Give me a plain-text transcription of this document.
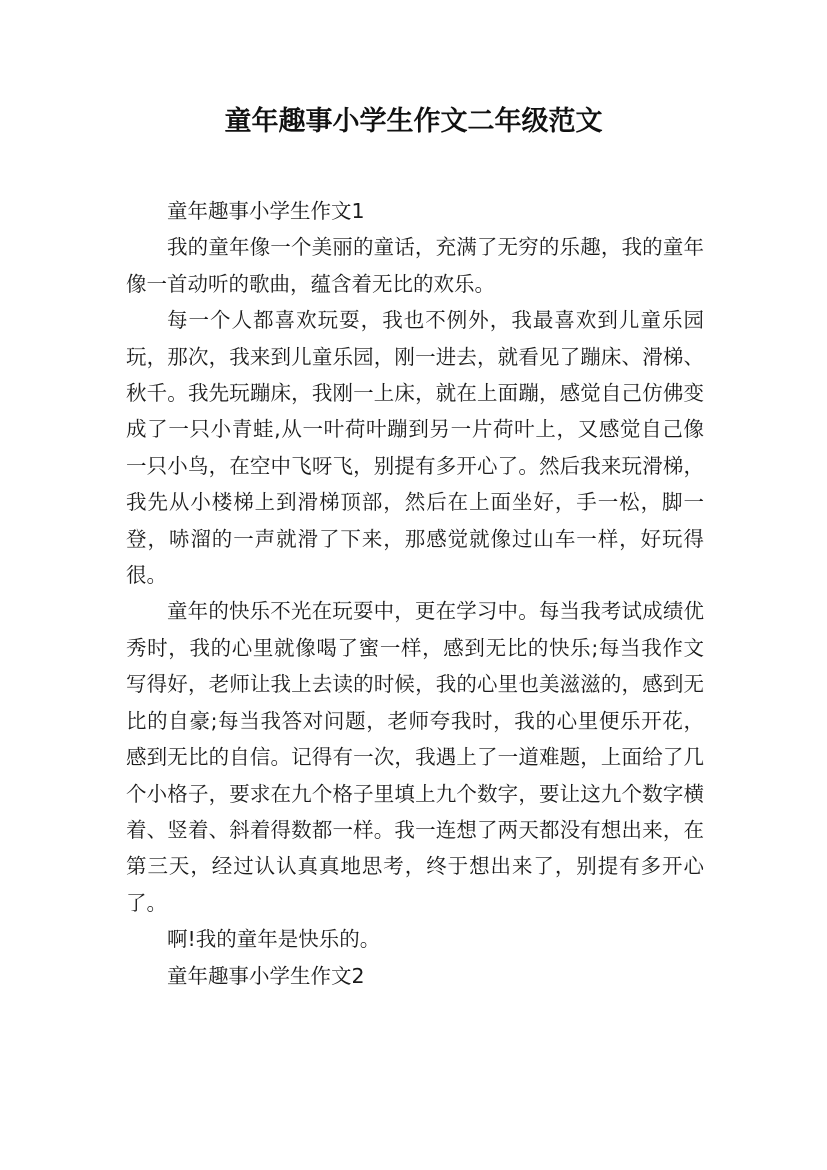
童年趣事小学生作文二年级范文

童年趣事小学生作文1

我的童年像一个美丽的童话，充满了无穷的乐趣，我的童年像一首动听的歌曲，蕴含着无比的欢乐。

每一个人都喜欢玩耍，我也不例外，我最喜欢到儿童乐园玩，那次，我来到儿童乐园，刚一进去，就看见了蹦床、滑梯、秋千。我先玩蹦床，我刚一上床，就在上面蹦，感觉自己仿佛变成了一只小青蛙,从一叶荷叶蹦到另一片荷叶上，又感觉自己像一只小鸟，在空中飞呀飞，别提有多开心了。然后我来玩滑梯，我先从小楼梯上到滑梯顶部，然后在上面坐好，手一松，脚一登，哧溜的一声就滑了下来，那感觉就像过山车一样，好玩得很。

童年的快乐不光在玩耍中，更在学习中。每当我考试成绩优秀时，我的心里就像喝了蜜一样，感到无比的快乐;每当我作文写得好，老师让我上去读的时候，我的心里也美滋滋的，感到无比的自豪;每当我答对问题，老师夸我时，我的心里便乐开花，感到无比的自信。记得有一次，我遇上了一道难题，上面给了几个小格子，要求在九个格子里填上九个数字，要让这九个数字横着、竖着、斜着得数都一样。我一连想了两天都没有想出来，在第三天，经过认认真真地思考，终于想出来了，别提有多开心了。

啊!我的童年是快乐的。

童年趣事小学生作文2
